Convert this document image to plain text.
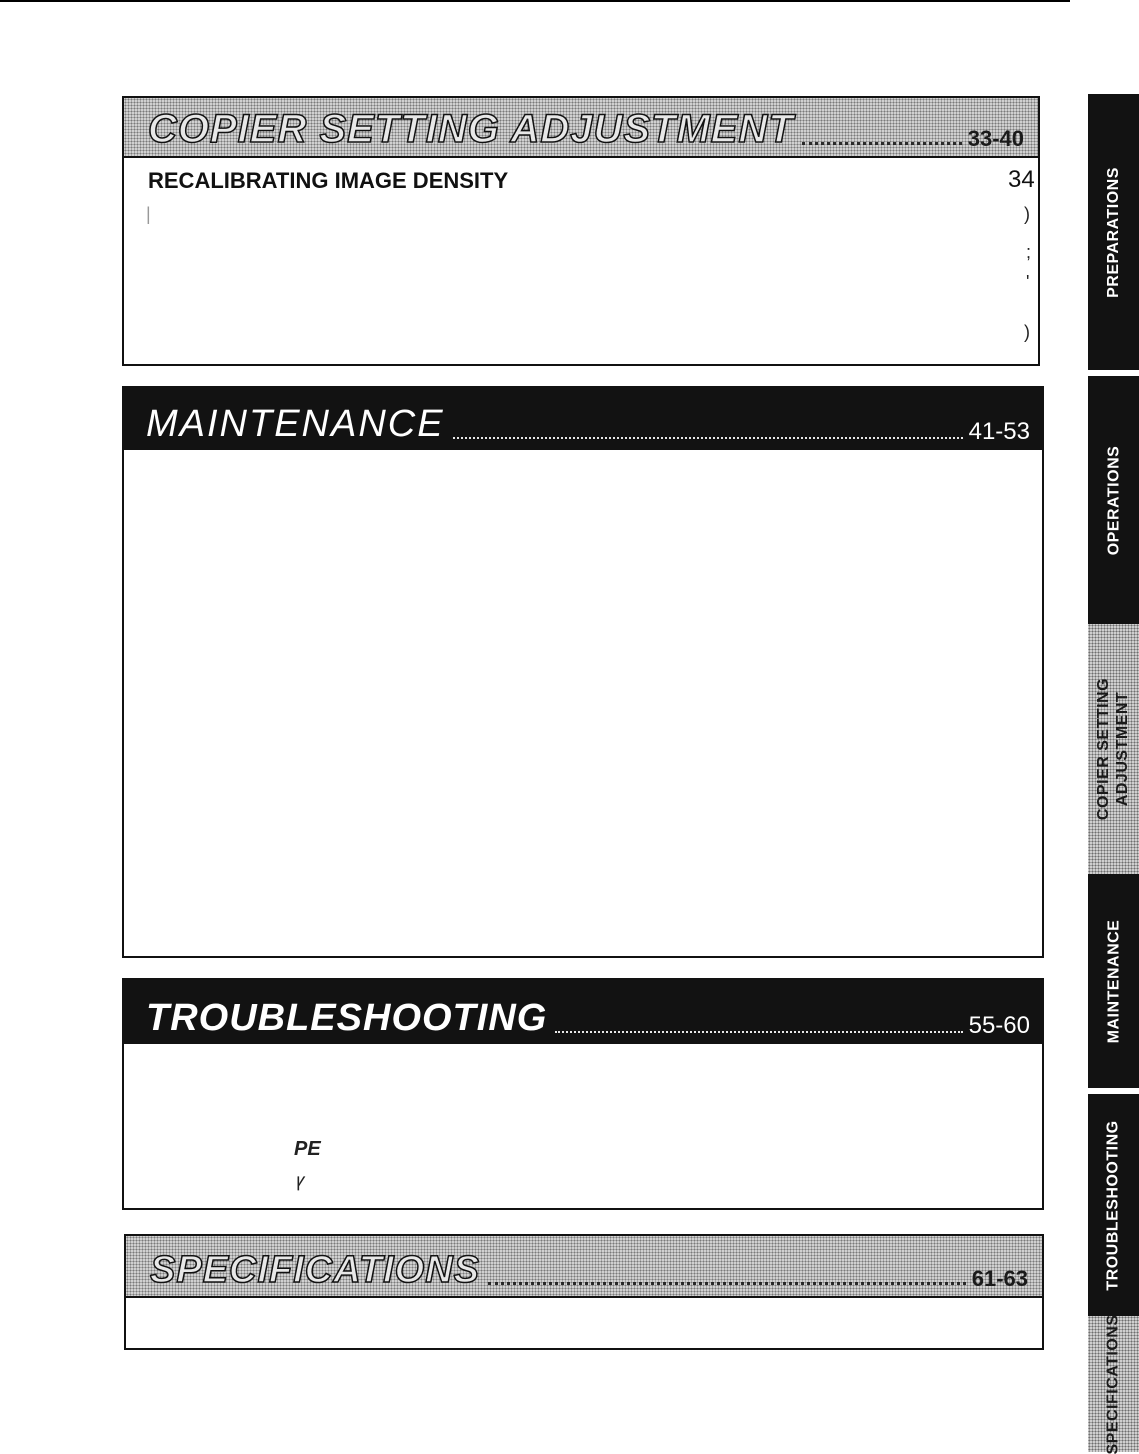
COPIER SETTING ADJUSTMENT	33-40
RECALIBRATING IMAGE DENSITY	34
|	)
;
'
)
MAINTENANCE	41-53
TROUBLESHOOTING	55-60
PE
ꝩ
SPECIFICATIONS	61-63
PREPARATIONS
OPERATIONS
COPIER SETTING ADJUSTMENT
MAINTENANCE
TROUBLESHOOTING
SPECIFICATIONS
